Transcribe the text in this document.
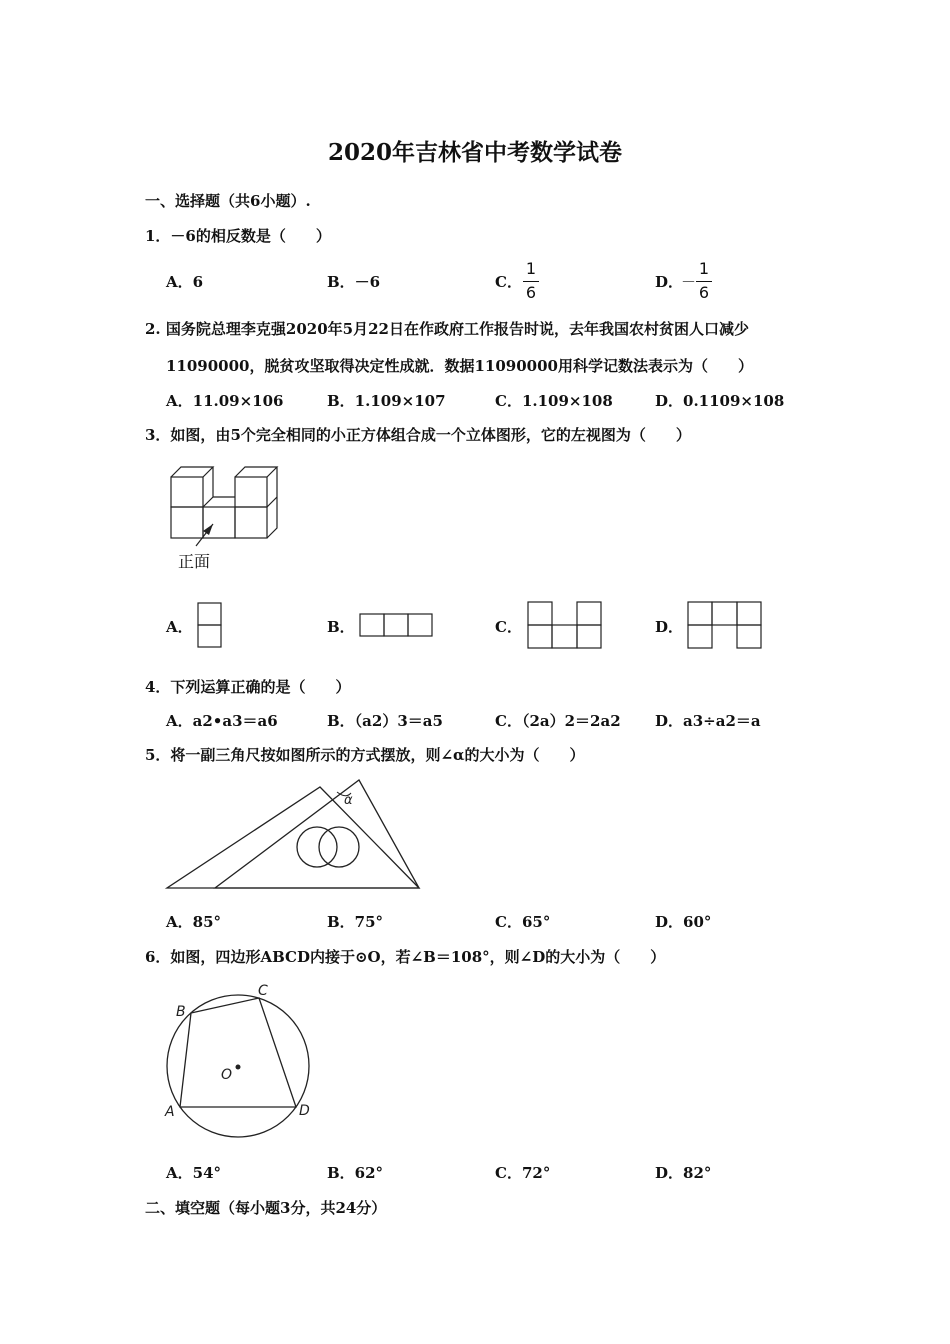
2020年吉林省中考数学试卷
一、选择题（共6小题）.
1．－6的相反数是（　　）
A．6	B．－6	C．
1
6
D．
－
1
6
2. 国务院总理李克强2020年5月22日在作政府工作报告时说，去年我国农村贫困人口减少
11090000，脱贫攻坚取得决定性成就．数据11090000用科学记数法表示为（　　）
A．11.09×106	B．1.109×107	C．1.109×108	D．0.1109×108
3．如图，由5个完全相同的小正方体组合成一个立体图形，它的左视图为（　　）
正面
A．	B．	C．	D．
4．下列运算正确的是（　　）
A．a2•a3＝a6	B．（a2）3＝a5	C．（2a）2＝2a2 D．a3÷a2＝a
5．将一副三角尺按如图所示的方式摆放，则∠α的大小为（　　）
α
A．85°	B．75°	C．65°	D．60°
6．如图，四边形ABCD内接于⊙O，若∠B＝108°，则∠D的大小为（　　）
B
C
O
A	D
A．54°	B．62°	C．72°	D．82°
二、填空题（每小题3分，共24分）
